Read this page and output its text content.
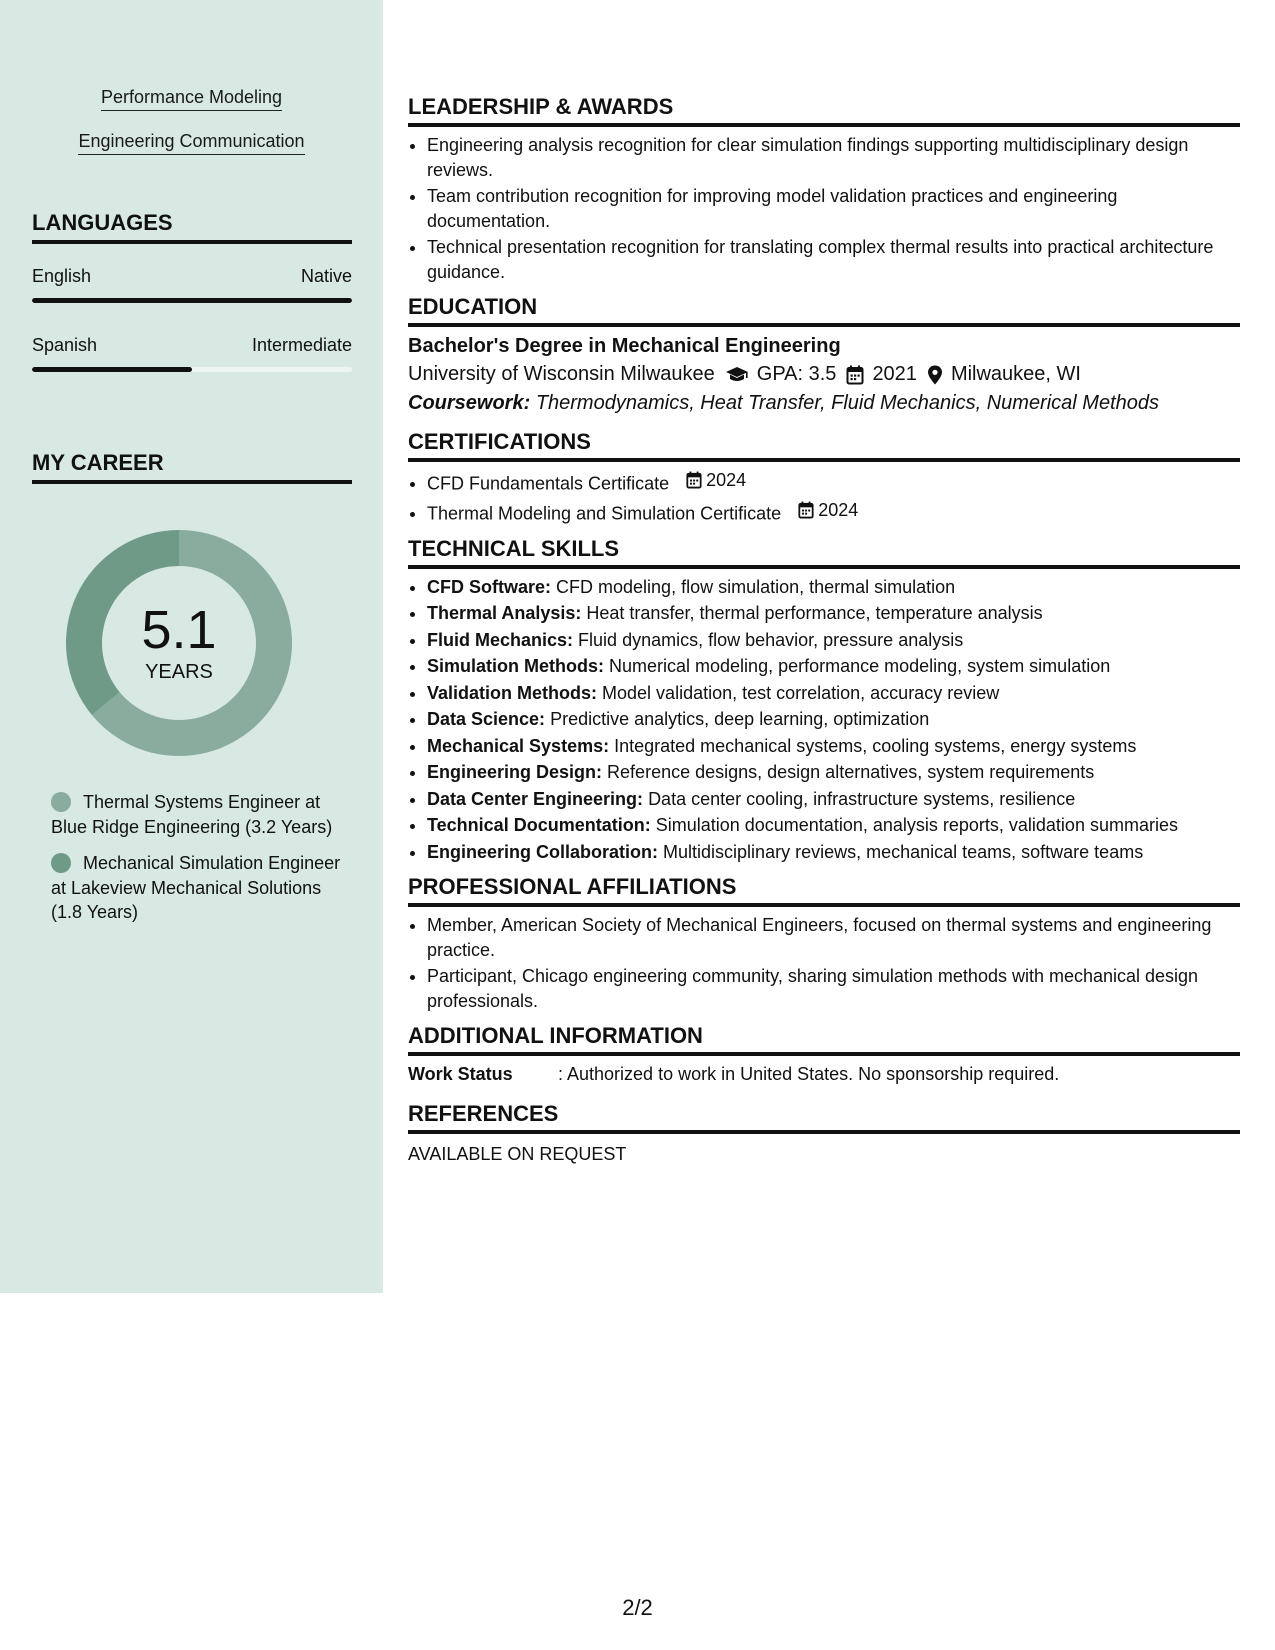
Performance Modeling
Engineering Communication
LANGUAGES
English	Native
Spanish	Intermediate
MY CAREER
5.1
YEARS
Thermal Systems Engineer at Blue Ridge Engineering (3.2 Years)
Mechanical Simulation Engineer at Lakeview Mechanical Solutions (1.8 Years)
LEADERSHIP & AWARDS
• Engineering analysis recognition for clear simulation findings supporting multidisciplinary design reviews.
• Team contribution recognition for improving model validation practices and engineering documentation.
• Technical presentation recognition for translating complex thermal results into practical architecture guidance.
EDUCATION
Bachelor's Degree in Mechanical Engineering
University of Wisconsin Milwaukee GPA: 3.5 2021 Milwaukee, WI
Coursework: Thermodynamics, Heat Transfer, Fluid Mechanics, Numerical Methods
CERTIFICATIONS
• CFD Fundamentals Certificate 2024
• Thermal Modeling and Simulation Certificate 2024
TECHNICAL SKILLS
• CFD Software: CFD modeling, flow simulation, thermal simulation
• Thermal Analysis: Heat transfer, thermal performance, temperature analysis
• Fluid Mechanics: Fluid dynamics, flow behavior, pressure analysis
• Simulation Methods: Numerical modeling, performance modeling, system simulation
• Validation Methods: Model validation, test correlation, accuracy review
• Data Science: Predictive analytics, deep learning, optimization
• Mechanical Systems: Integrated mechanical systems, cooling systems, energy systems
• Engineering Design: Reference designs, design alternatives, system requirements
• Data Center Engineering: Data center cooling, infrastructure systems, resilience
• Technical Documentation: Simulation documentation, analysis reports, validation summaries
• Engineering Collaboration: Multidisciplinary reviews, mechanical teams, software teams
PROFESSIONAL AFFILIATIONS
• Member, American Society of Mechanical Engineers, focused on thermal systems and engineering practice.
• Participant, Chicago engineering community, sharing simulation methods with mechanical design professionals.
ADDITIONAL INFORMATION
Work Status	: Authorized to work in United States. No sponsorship required.
REFERENCES
AVAILABLE ON REQUEST
2/2
